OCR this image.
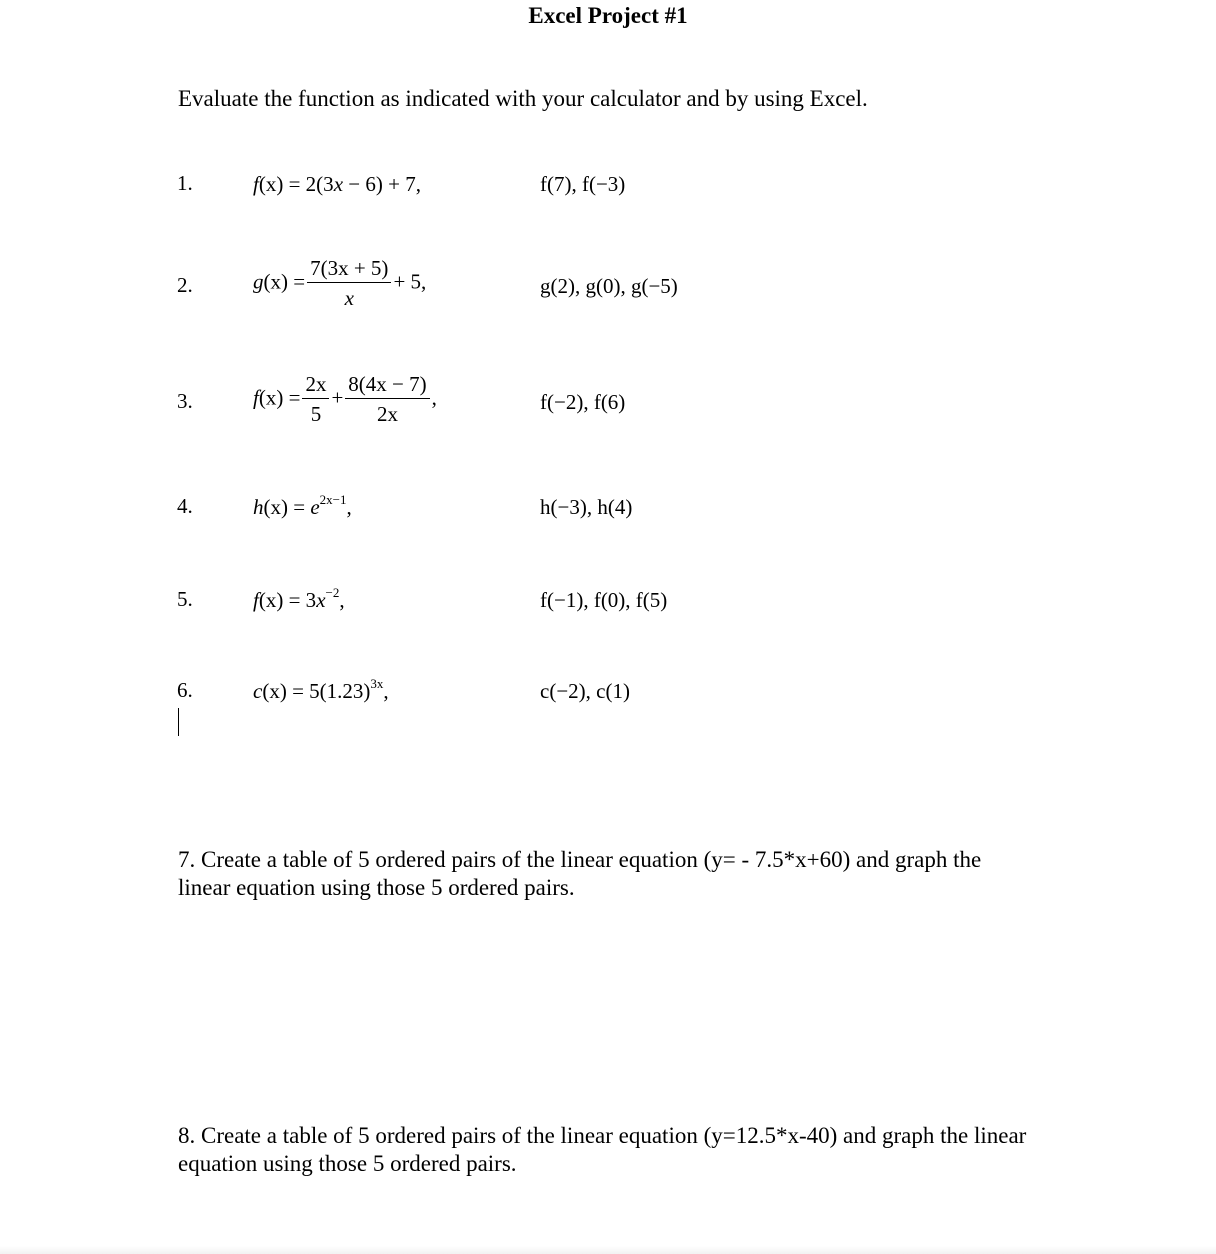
Excel Project #1
Evaluate the function as indicated with your calculator and by using Excel.
1.	f(x) = 2(3x − 6) + 7,	f(7), f(−3)
2.	$g(x) = \frac{7(3x + 5)}{x} + 5$,	g(2), g(0), g(−5)
3.	$f(x) = \frac{2x}{5} + \frac{8(4x - 7)}{2x}$ ,	f(−2), f(6)
4.	$h(x) = e^{2x-1}$,	h(−3), h(4)
5.	$f(x) = 3x^{-2}$,	f(−1), f(0), f(5)
6.	$c(x) = 5(1.23)^{3x}$,	c(−2), c(1)
7. Create a table of 5 ordered pairs of the linear equation (y= - 7.5*x+60) and graph the linear equation using those 5 ordered pairs.
8. Create a table of 5 ordered pairs of the linear equation (y=12.5*x-40) and graph the linear equation using those 5 ordered pairs.
